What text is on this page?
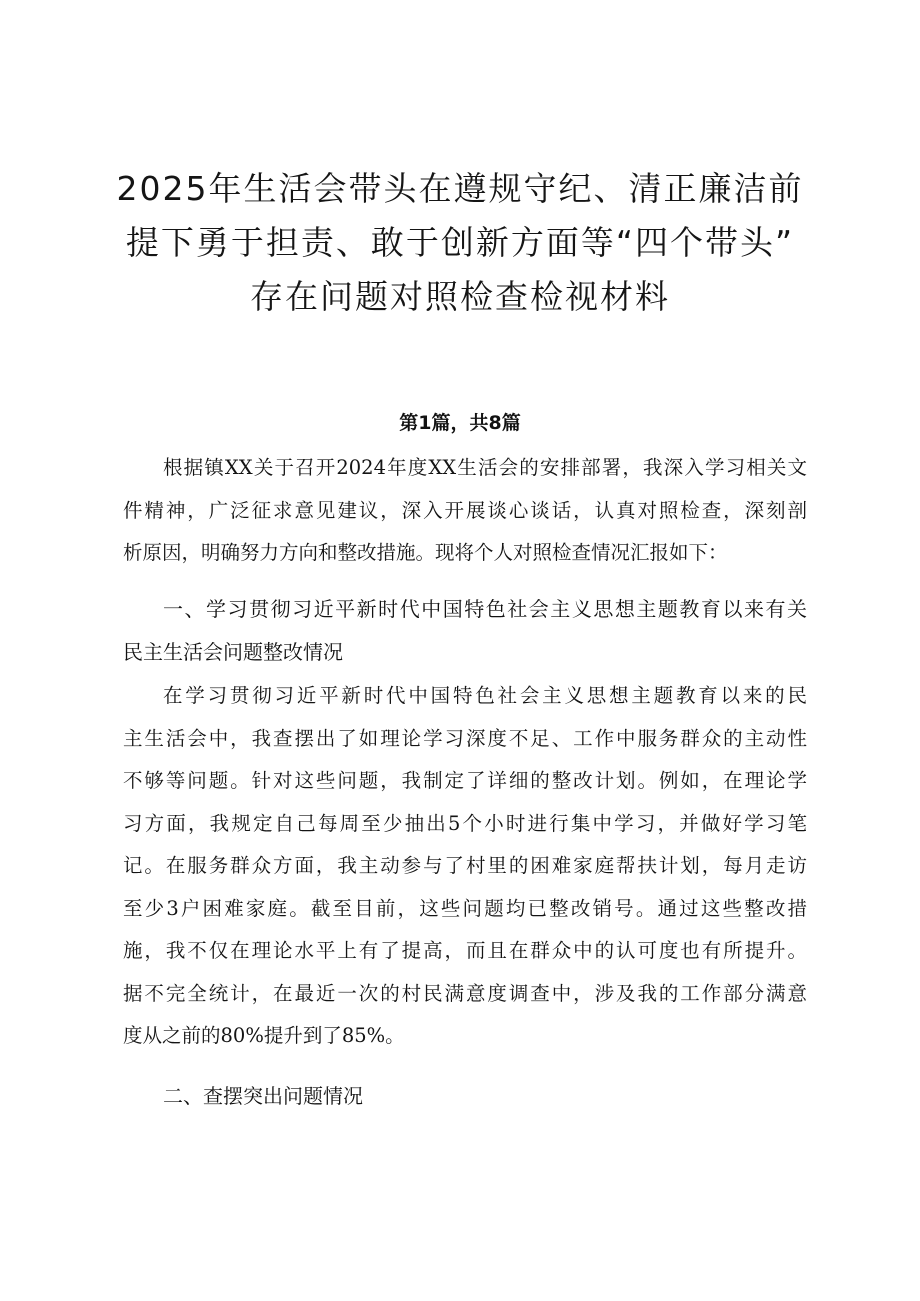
2025年生活会带头在遵规守纪、清正廉洁前
提下勇于担责、敢于创新方面等“四个带头”
存在问题对照检查检视材料
第1篇，共8篇
根据镇XX关于召开2024年度XX生活会的安排部署，我深入学习相关文
件精神，广泛征求意见建议，深入开展谈心谈话，认真对照检查，深刻剖
析原因，明确努力方向和整改措施。现将个人对照检查情况汇报如下：
一、学习贯彻习近平新时代中国特色社会主义思想主题教育以来有关
民主生活会问题整改情况
在学习贯彻习近平新时代中国特色社会主义思想主题教育以来的民
主生活会中，我查摆出了如理论学习深度不足、工作中服务群众的主动性
不够等问题。针对这些问题，我制定了详细的整改计划。例如，在理论学
习方面，我规定自己每周至少抽出5个小时进行集中学习，并做好学习笔
记。在服务群众方面，我主动参与了村里的困难家庭帮扶计划，每月走访
至少3户困难家庭。截至目前，这些问题均已整改销号。通过这些整改措
施，我不仅在理论水平上有了提高，而且在群众中的认可度也有所提升。
据不完全统计，在最近一次的村民满意度调查中，涉及我的工作部分满意
度从之前的80%提升到了85%。
二、查摆突出问题情况
